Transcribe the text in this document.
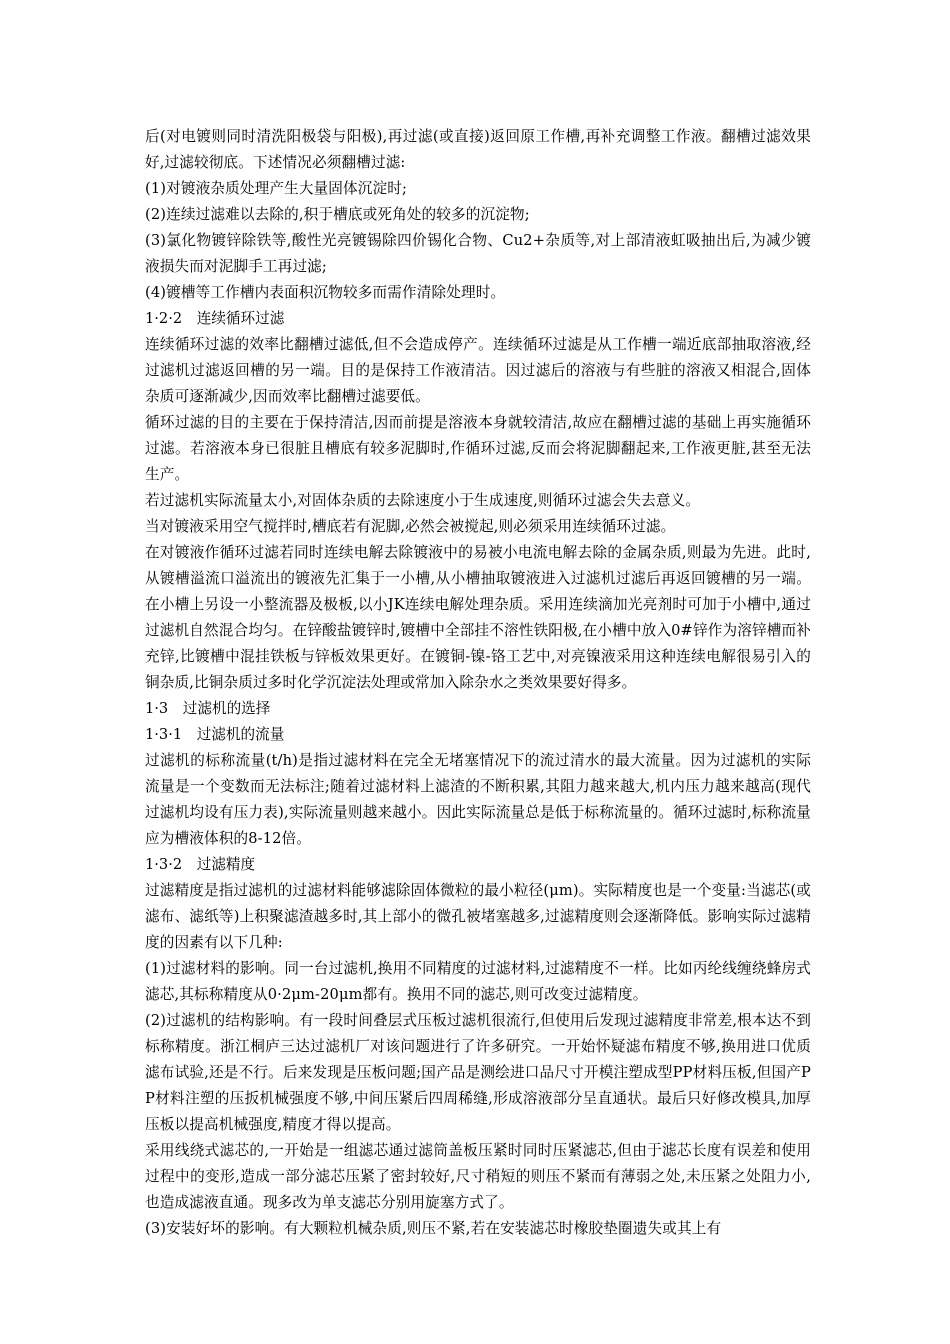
后(对电镀则同时清洗阳极袋与阳极),再过滤(或直接)返回原工作槽,再补充调整工作液。翻槽过滤效果好,过滤较彻底。下述情况必须翻槽过滤:

(1)对镀液杂质处理产生大量固体沉淀时;

(2)连续过滤难以去除的,积于槽底或死角处的较多的沉淀物;

(3)氯化物镀锌除铁等,酸性光亮镀锡除四价锡化合物、Cu2+杂质等,对上部清液虹吸抽出后,为减少镀液损失而对泥脚手工再过滤;

(4)镀槽等工作槽内表面积沉物较多而需作清除处理时。

1·2·2　连续循环过滤

连续循环过滤的效率比翻槽过滤低,但不会造成停产。连续循环过滤是从工作槽一端近底部抽取溶液,经过滤机过滤返回槽的另一端。目的是保持工作液清洁。因过滤后的溶液与有些脏的溶液又相混合,固体杂质可逐渐减少,因而效率比翻槽过滤要低。

循环过滤的目的主要在于保持清洁,因而前提是溶液本身就较清洁,故应在翻槽过滤的基础上再实施循环过滤。若溶液本身已很脏且槽底有较多泥脚时,作循环过滤,反而会将泥脚翻起来,工作液更脏,甚至无法生产。

若过滤机实际流量太小,对固体杂质的去除速度小于生成速度,则循环过滤会失去意义。

当对镀液采用空气搅拌时,槽底若有泥脚,必然会被搅起,则必须采用连续循环过滤。

在对镀液作循环过滤若同时连续电解去除镀液中的易被小电流电解去除的金属杂质,则最为先进。此时,从镀槽溢流口溢流出的镀液先汇集于一小槽,从小槽抽取镀液进入过滤机过滤后再返回镀槽的另一端。在小槽上另设一小整流器及极板,以小JK连续电解处理杂质。采用连续滴加光亮剂时可加于小槽中,通过过滤机自然混合均匀。在锌酸盐镀锌时,镀槽中全部挂不溶性铁阳极,在小槽中放入0#锌作为溶锌槽而补充锌,比镀槽中混挂铁板与锌板效果更好。在镀铜-镍-铬工艺中,对亮镍液采用这种连续电解很易引入的铜杂质,比铜杂质过多时化学沉淀法处理或常加入除杂水之类效果要好得多。

1·3　过滤机的选择

1·3·1　过滤机的流量

过滤机的标称流量(t/h)是指过滤材料在完全无堵塞情况下的流过清水的最大流量。因为过滤机的实际流量是一个变数而无法标注;随着过滤材料上滤渣的不断积累,其阻力越来越大,机内压力越来越高(现代过滤机均设有压力表),实际流量则越来越小。因此实际流量总是低于标称流量的。循环过滤时,标称流量应为槽液体积的8-12倍。

1·3·2　过滤精度

过滤精度是指过滤机的过滤材料能够滤除固体微粒的最小粒径(μm)。实际精度也是一个变量:当滤芯(或滤布、滤纸等)上积聚滤渣越多时,其上部小的微孔被堵塞越多,过滤精度则会逐渐降低。影响实际过滤精度的因素有以下几种:

(1)过滤材料的影响。同一台过滤机,换用不同精度的过滤材料,过滤精度不一样。比如丙纶线缠绕蜂房式滤芯,其标称精度从0·2μm-20μm都有。换用不同的滤芯,则可改变过滤精度。

(2)过滤机的结构影响。有一段时间叠层式压板过滤机很流行,但使用后发现过滤精度非常差,根本达不到标称精度。浙江桐庐三达过滤机厂对该问题进行了许多研究。一开始怀疑滤布精度不够,换用进口优质滤布试验,还是不行。后来发现是压板问题;国产品是测绘进口品尺寸开模注塑成型PP材料压板,但国产PP材料注塑的压扳机械强度不够,中间压紧后四周稀缝,形成溶液部分呈直通状。最后只好修改模具,加厚压板以提高机械强度,精度才得以提高。

采用线绕式滤芯的,一开始是一组滤芯通过滤筒盖板压紧时同时压紧滤芯,但由于滤芯长度有误差和使用过程中的变形,造成一部分滤芯压紧了密封较好,尺寸稍短的则压不紧而有薄弱之处,未压紧之处阻力小,也造成滤液直通。现多改为单支滤芯分别用旋塞方式了。

(3)安装好坏的影响。有大颗粒机械杂质,则压不紧,若在安装滤芯时橡胶垫圈遗失或其上有
